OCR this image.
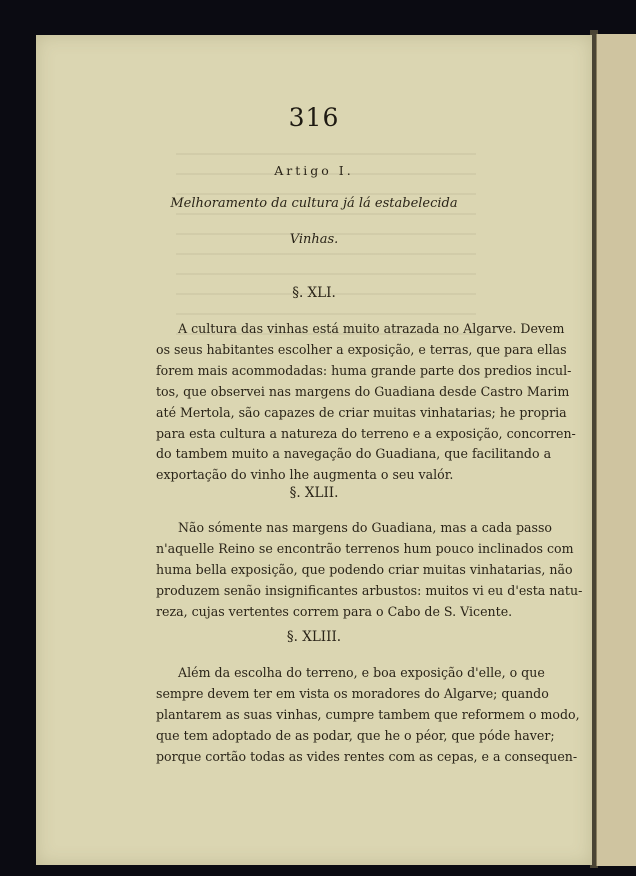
316
Artigo I.
Melhoramento da cultura já lá estabelecida
Vinhas.
§. XLI.
A cultura das vinhas está muito atrazada no Algarve. Devem
os seus habitantes escolher a exposição, e terras, que para ellas
forem mais acommodadas: huma grande parte dos predios incul-
tos, que observei nas margens do Guadiana desde Castro Marim
até Mertola, são capazes de criar muitas vinhatarias; he propria
para esta cultura a natureza do terreno e a exposição, concorren-
do tambem muito a navegação do Guadiana, que facilitando a
exportação do vinho lhe augmenta o seu valór.
§. XLII.
Não sómente nas margens do Guadiana, mas a cada passo
n'aquelle Reino se encontrão terrenos hum pouco inclinados com
huma bella exposição, que podendo criar muitas vinhatarias, não
produzem senão insignificantes arbustos: muitos vi eu d'esta natu-
reza, cujas vertentes correm para o Cabo de S. Vicente.
§. XLIII.
Além da escolha do terreno, e boa exposição d'elle, o que
sempre devem ter em vista os moradores do Algarve; quando
plantarem as suas vinhas, cumpre tambem que reformem o modo,
que tem adoptado de as podar, que he o péor, que póde haver;
porque cortão todas as vides rentes com as cepas, e a consequen-
